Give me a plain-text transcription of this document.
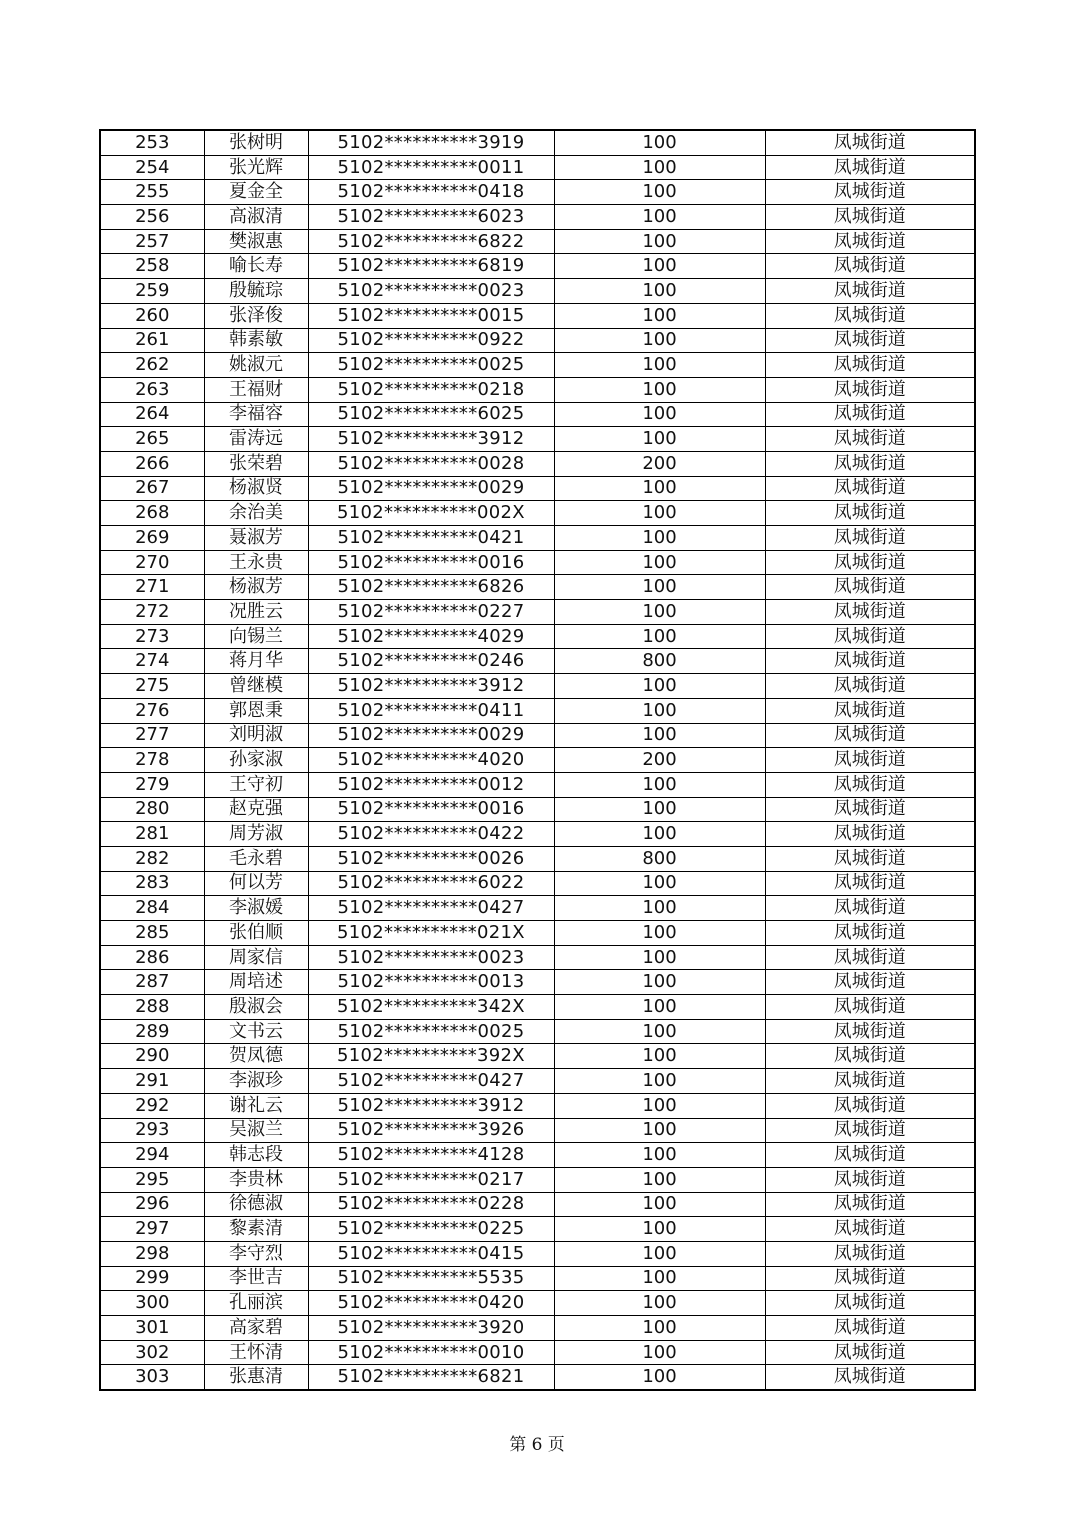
253	张树明	5102**********3919	100	凤城街道
254	张光辉	5102**********0011	100	凤城街道
255	夏金全	5102**********0418	100	凤城街道
256	高淑清	5102**********6023	100	凤城街道
257	樊淑惠	5102**********6822	100	凤城街道
258	喻长寿	5102**********6819	100	凤城街道
259	殷毓琮	5102**********0023	100	凤城街道
260	张泽俊	5102**********0015	100	凤城街道
261	韩素敏	5102**********0922	100	凤城街道
262	姚淑元	5102**********0025	100	凤城街道
263	王福财	5102**********0218	100	凤城街道
264	李福容	5102**********6025	100	凤城街道
265	雷涛远	5102**********3912	100	凤城街道
266	张荣碧	5102**********0028	200	凤城街道
267	杨淑贤	5102**********0029	100	凤城街道
268	余治美	5102**********002X	100	凤城街道
269	聂淑芳	5102**********0421	100	凤城街道
270	王永贵	5102**********0016	100	凤城街道
271	杨淑芳	5102**********6826	100	凤城街道
272	况胜云	5102**********0227	100	凤城街道
273	向锡兰	5102**********4029	100	凤城街道
274	蒋月华	5102**********0246	800	凤城街道
275	曾继模	5102**********3912	100	凤城街道
276	郭恩秉	5102**********0411	100	凤城街道
277	刘明淑	5102**********0029	100	凤城街道
278	孙家淑	5102**********4020	200	凤城街道
279	王守初	5102**********0012	100	凤城街道
280	赵克强	5102**********0016	100	凤城街道
281	周芳淑	5102**********0422	100	凤城街道
282	毛永碧	5102**********0026	800	凤城街道
283	何以芳	5102**********6022	100	凤城街道
284	李淑媛	5102**********0427	100	凤城街道
285	张伯顺	5102**********021X	100	凤城街道
286	周家信	5102**********0023	100	凤城街道
287	周培述	5102**********0013	100	凤城街道
288	殷淑会	5102**********342X	100	凤城街道
289	文书云	5102**********0025	100	凤城街道
290	贺凤德	5102**********392X	100	凤城街道
291	李淑珍	5102**********0427	100	凤城街道
292	谢礼云	5102**********3912	100	凤城街道
293	吴淑兰	5102**********3926	100	凤城街道
294	韩志段	5102**********4128	100	凤城街道
295	李贵林	5102**********0217	100	凤城街道
296	徐德淑	5102**********0228	100	凤城街道
297	黎素清	5102**********0225	100	凤城街道
298	李守烈	5102**********0415	100	凤城街道
299	李世吉	5102**********5535	100	凤城街道
300	孔丽滨	5102**********0420	100	凤城街道
301	高家碧	5102**********3920	100	凤城街道
302	王怀清	5102**********0010	100	凤城街道
303	张惠清	5102**********6821	100	凤城街道
第 6 页
